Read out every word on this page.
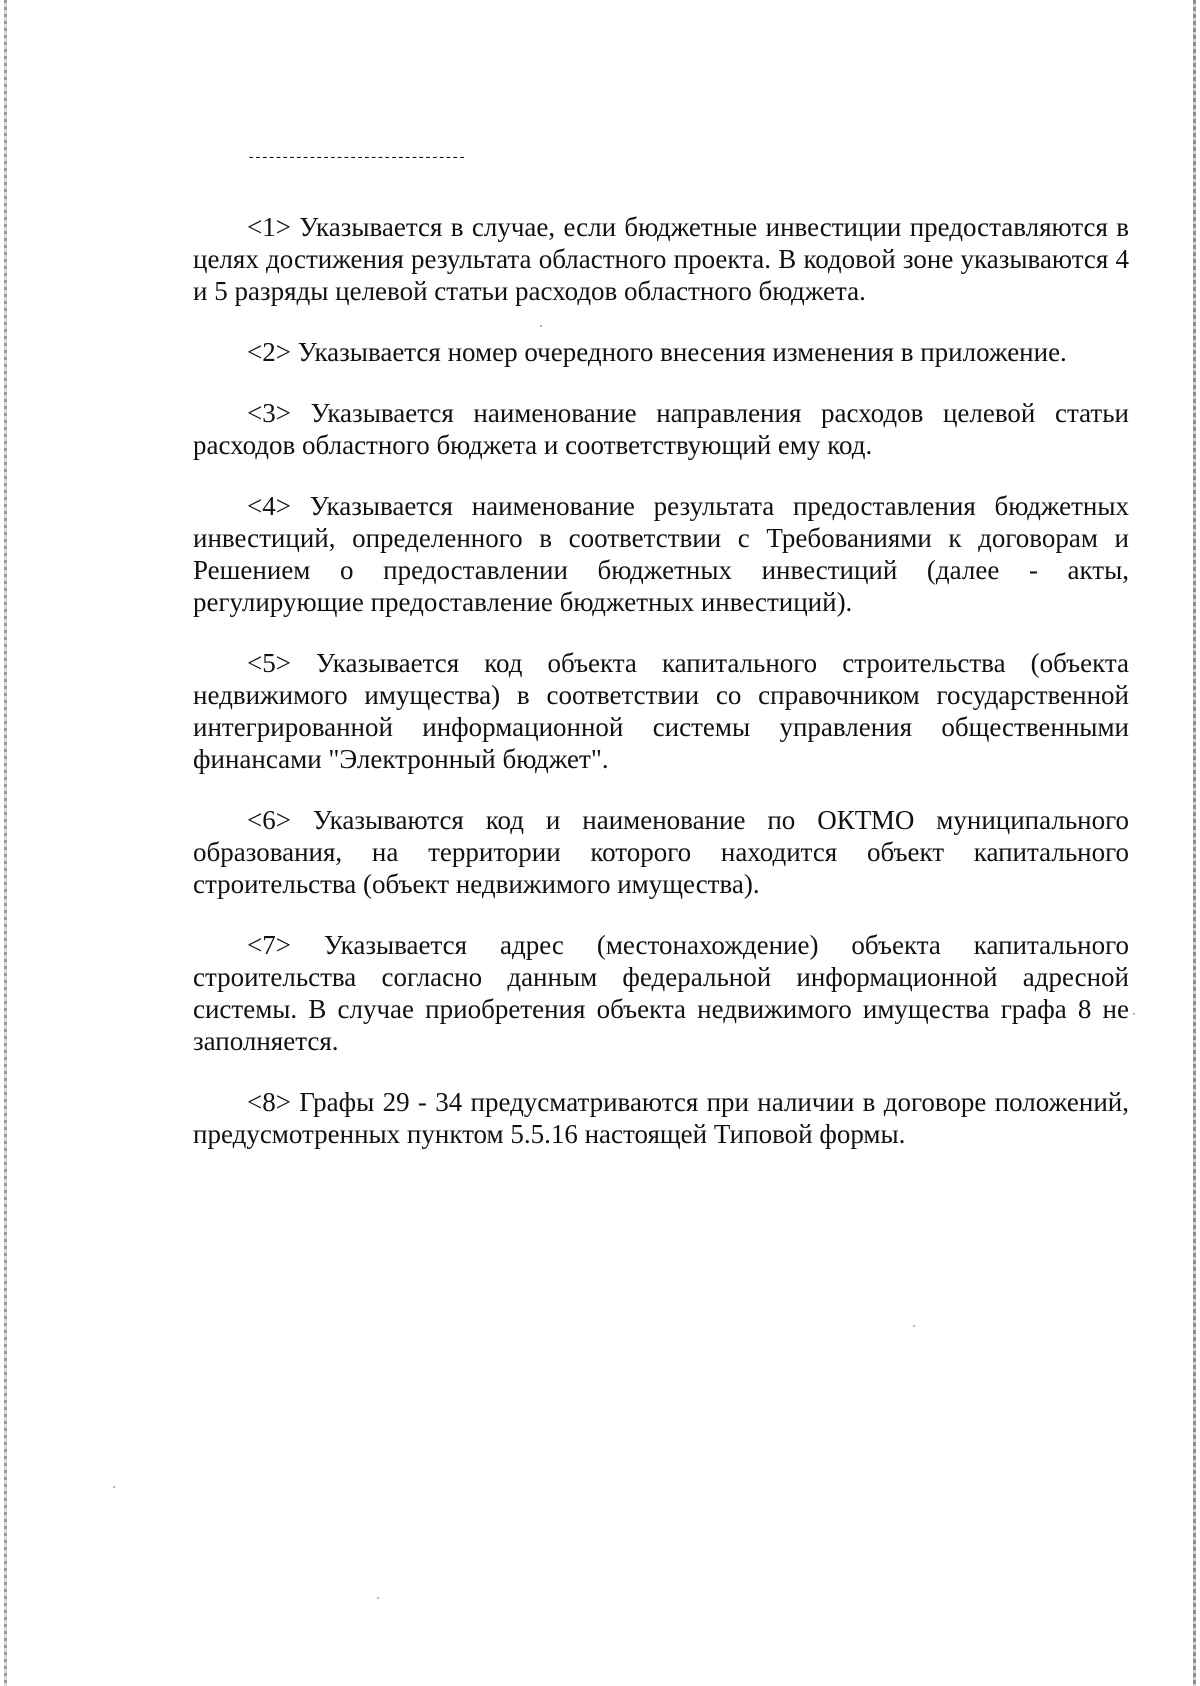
--------------------------------

<1> Указывается в случае, если бюджетные инвестиции предоставляются в целях достижения результата областного проекта. В кодовой зоне указываются 4 и 5 разряды целевой статьи расходов областного бюджета.

<2> Указывается номер очередного внесения изменения в приложение.

<3> Указывается наименование направления расходов целевой статьи расходов областного бюджета и соответствующий ему код.

<4> Указывается наименование результата предоставления бюджетных инвестиций, определенного в соответствии с Требованиями к договорам и Решением о предоставлении бюджетных инвестиций (далее - акты, регулирующие предоставление бюджетных инвестиций).

<5> Указывается код объекта капитального строительства (объекта недвижимого имущества) в соответствии со справочником государственной интегрированной информационной системы управления общественными финансами "Электронный бюджет".

<6> Указываются код и наименование по ОКТМО муниципального образования, на территории которого находится объект капитального строительства (объект недвижимого имущества).

<7> Указывается адрес (местонахождение) объекта капитального строительства согласно данным федеральной информационной адресной системы. В случае приобретения объекта недвижимого имущества графа 8 не заполняется.

<8> Графы 29 - 34 предусматриваются при наличии в договоре положений, предусмотренных пунктом 5.5.16 настоящей Типовой формы.
